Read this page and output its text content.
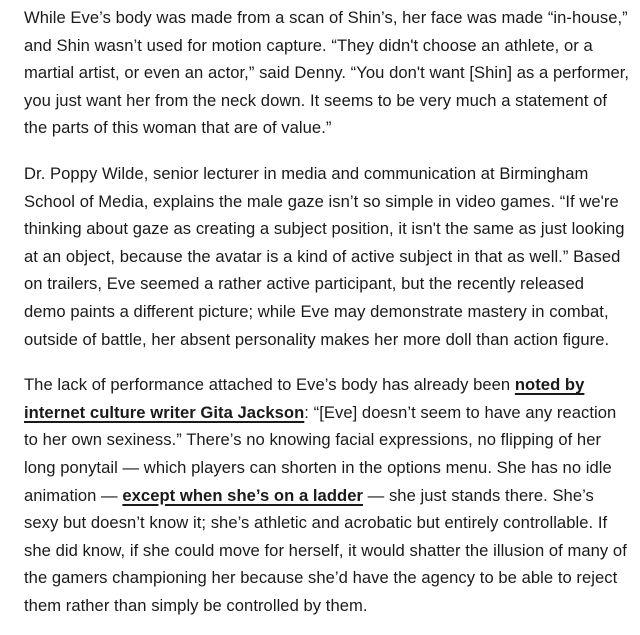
While Eve’s body was made from a scan of Shin’s, her face was made “in-house,” and Shin wasn’t used for motion capture. “They didn't choose an athlete, or a martial artist, or even an actor,” said Denny. “You don't want [Shin] as a performer, you just want her from the neck down. It seems to be very much a statement of the parts of this woman that are of value.”

Dr. Poppy Wilde, senior lecturer in media and communication at Birmingham School of Media, explains the male gaze isn’t so simple in video games. “If we're thinking about gaze as creating a subject position, it isn't the same as just looking at an object, because the avatar is a kind of active subject in that as well.” Based on trailers, Eve seemed a rather active participant, but the recently released demo paints a different picture; while Eve may demonstrate mastery in combat, outside of battle, her absent personality makes her more doll than action figure.

The lack of performance attached to Eve’s body has already been noted by internet culture writer Gita Jackson: “[Eve] doesn’t seem to have any reaction to her own sexiness.” There’s no knowing facial expressions, no flipping of her long ponytail — which players can shorten in the options menu. She has no idle animation — except when she’s on a ladder — she just stands there. She’s sexy but doesn’t know it; she’s athletic and acrobatic but entirely controllable. If she did know, if she could move for herself, it would shatter the illusion of many of the gamers championing her because she’d have the agency to be able to reject them rather than simply be controlled by them.
